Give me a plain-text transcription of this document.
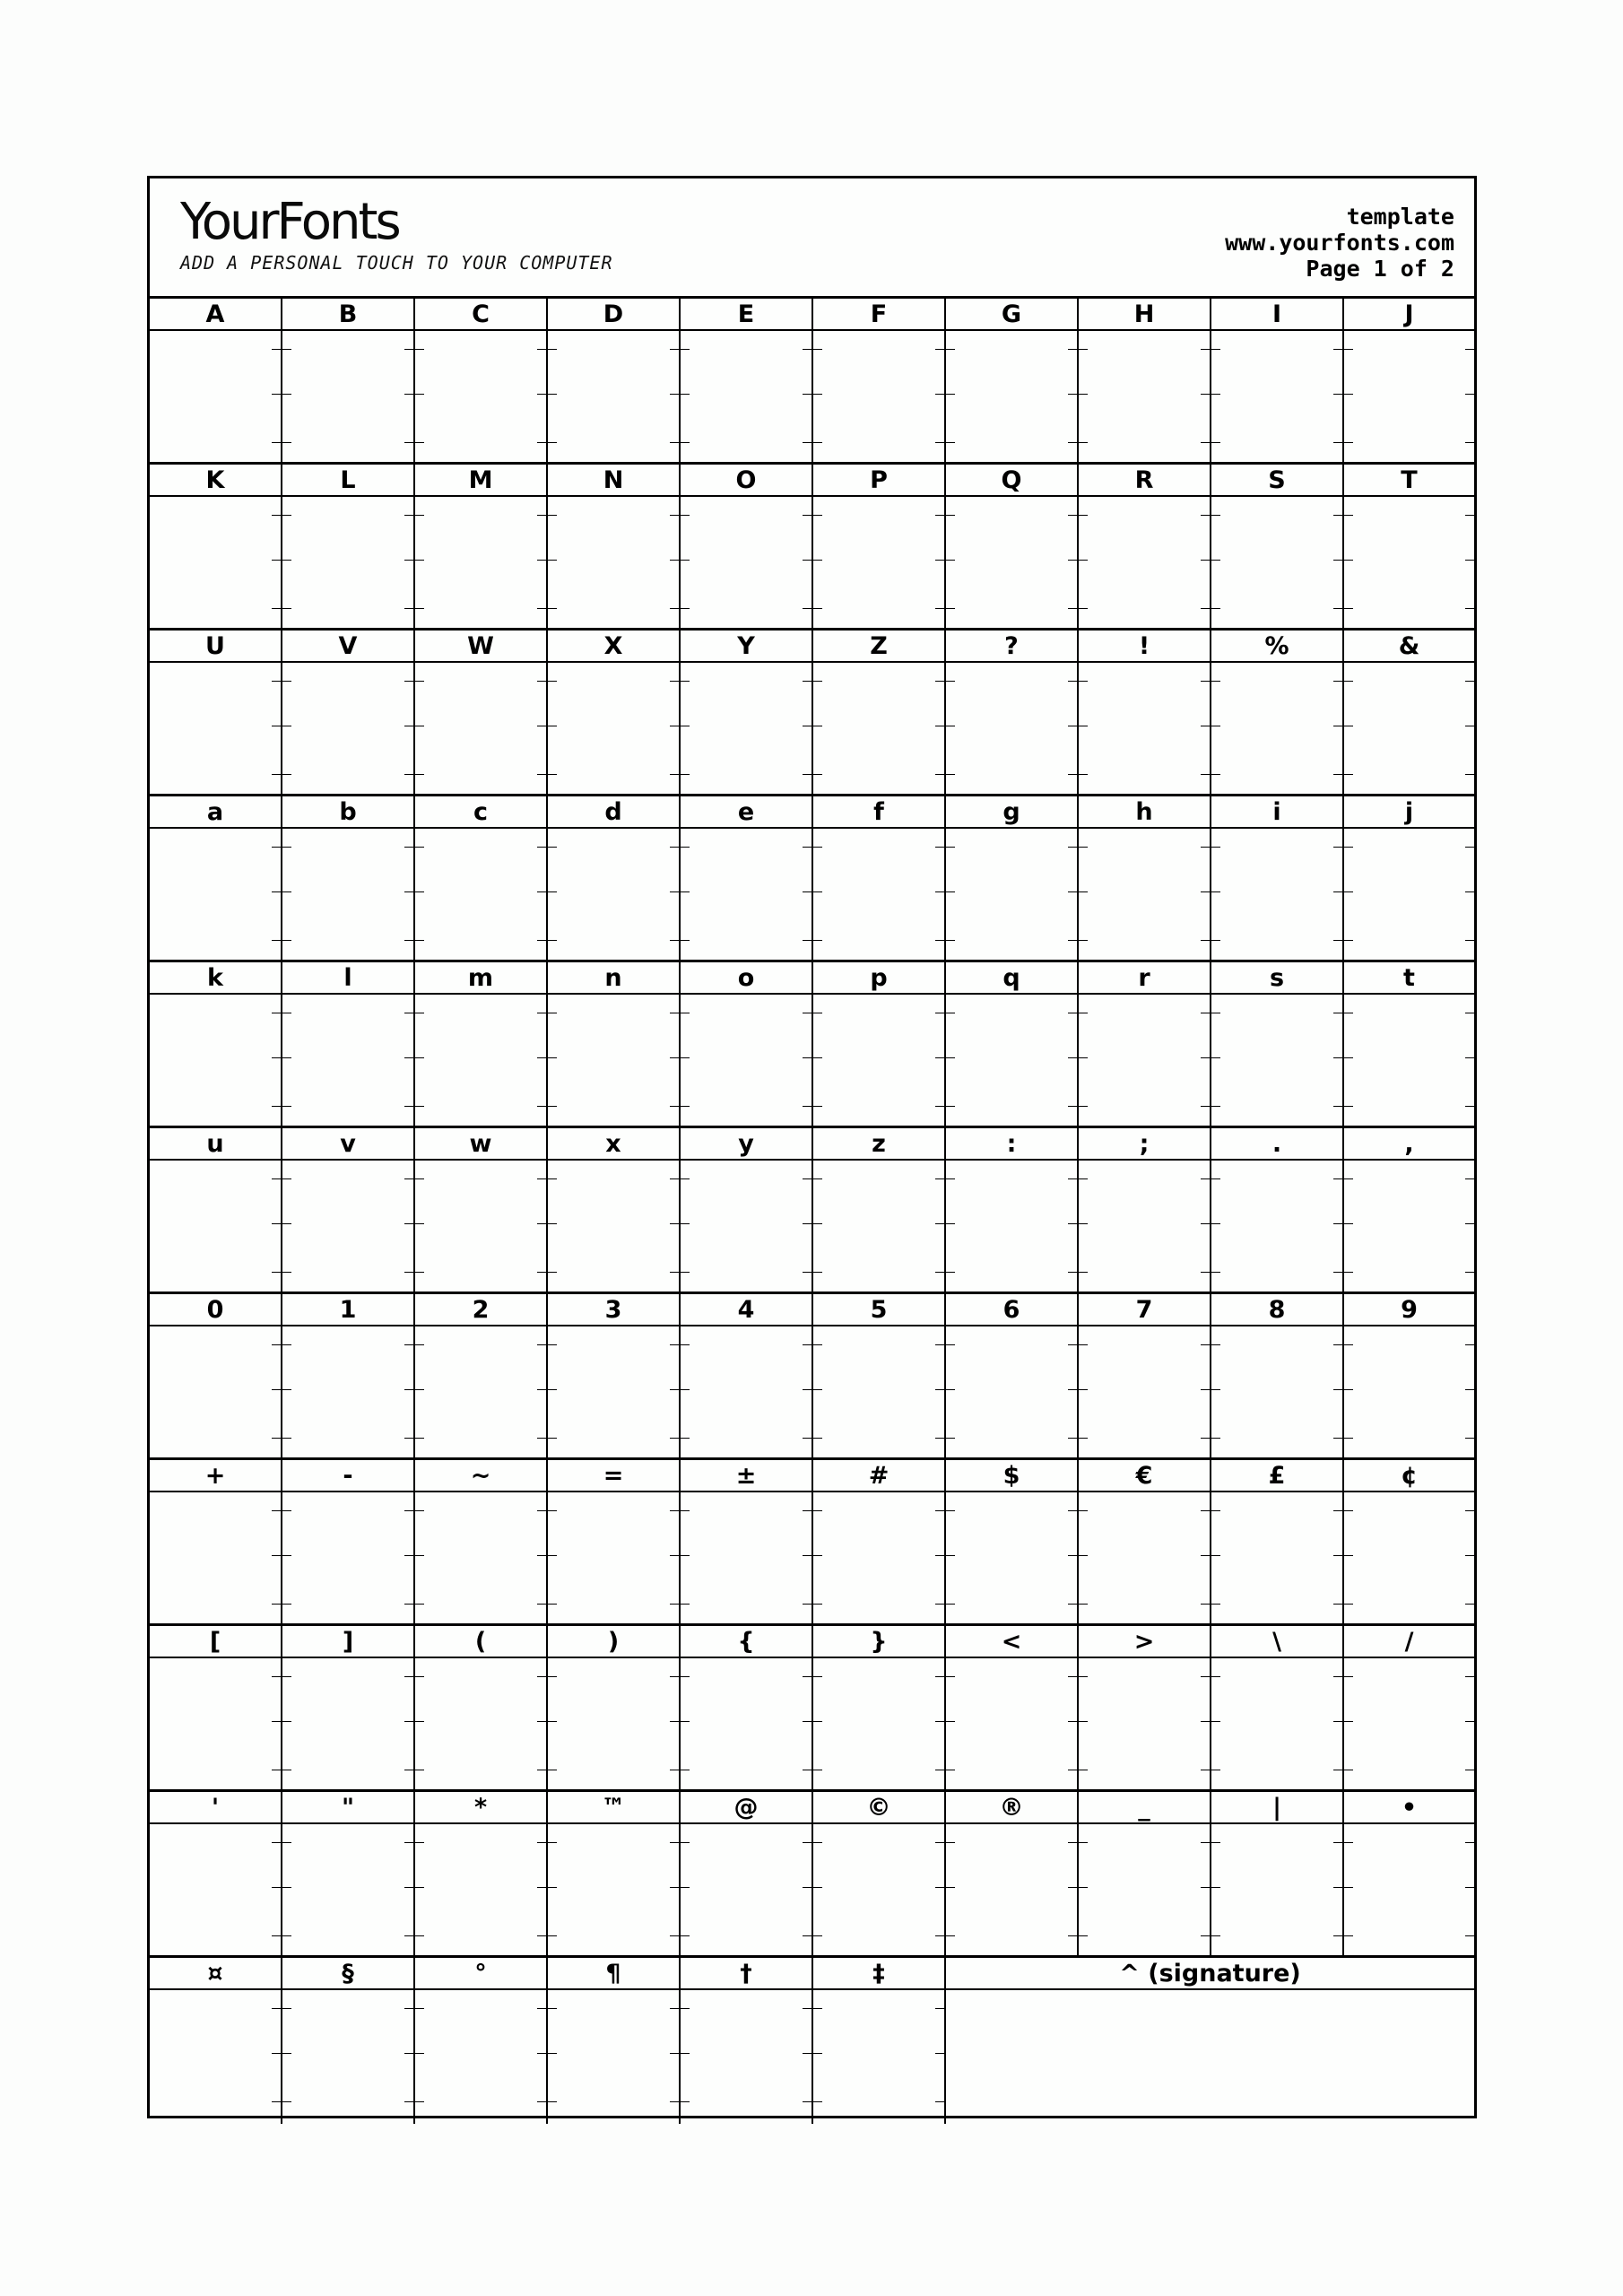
YourFonts
ADD A PERSONAL TOUCH TO YOUR COMPUTER
template
www.yourfonts.com
Page 1 of 2
A	B	C	D	E	F	G	H	I	J
K	L	M	N	O	P	Q	R	S	T
U	V	W	X	Y	Z	?	!	%	&
a	b	c	d	e	f	g	h	i	j
k	l	m	n	o	p	q	r	s	t
u	v	w	x	y	z	:	;	.	,
0	1	2	3	4	5	6	7	8	9
+	-	~	=	±	#	$	€	£	¢
[	]	(	)	{	}	<	>	\	/
'	"	*	™	@	©	®	_	|	•
¤	§	°	¶	†	‡	^ (signature)
